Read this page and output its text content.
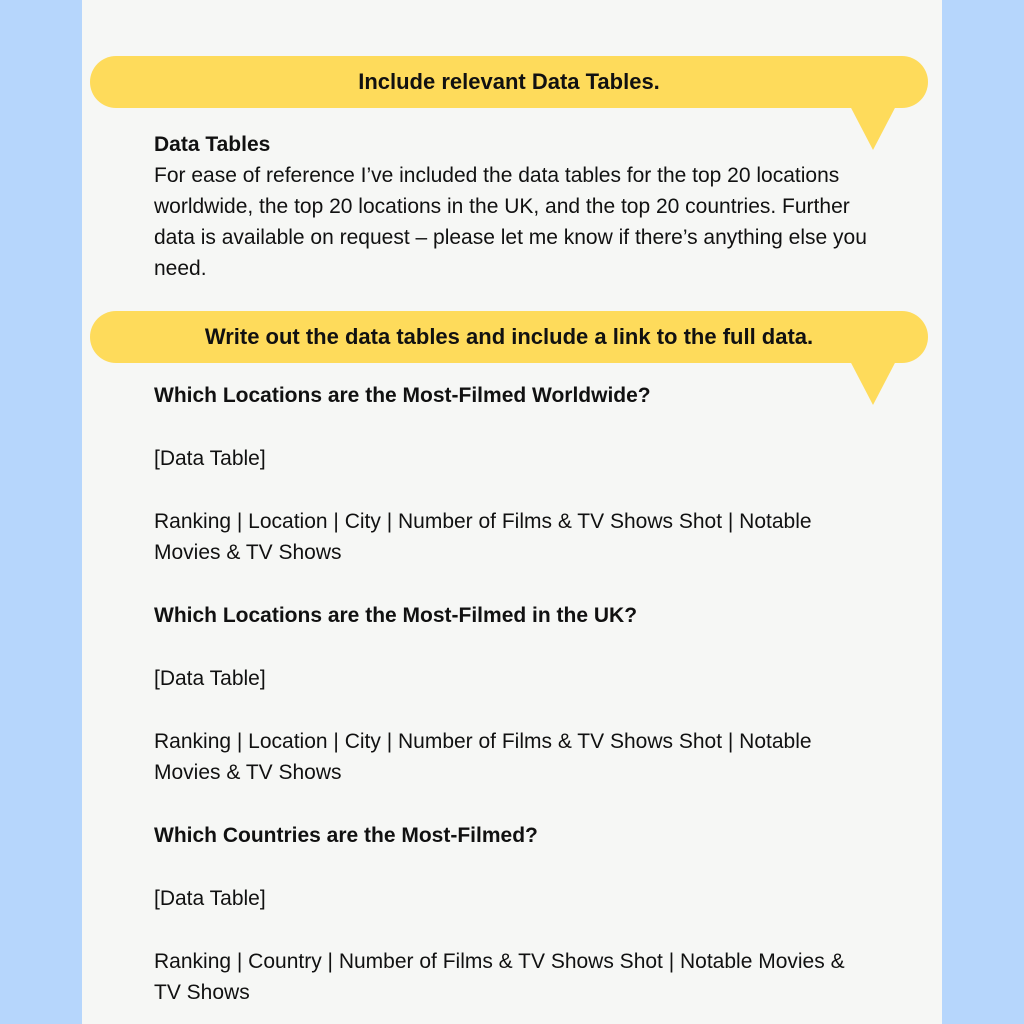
Include relevant Data Tables.

Data Tables

For ease of reference I’ve included the data tables for the top 20 locations worldwide, the top 20 locations in the UK, and the top 20 countries. Further data is available on request – please let me know if there’s anything else you need.

Write out the data tables and include a link to the full data.

Which Locations are the Most-Filmed Worldwide?

[Data Table]

Ranking | Location | City | Number of Films & TV Shows Shot | Notable Movies & TV Shows

Which Locations are the Most-Filmed in the UK?

[Data Table]

Ranking | Location | City | Number of Films & TV Shows Shot | Notable Movies & TV Shows

Which Countries are the Most-Filmed?

[Data Table]

Ranking | Country | Number of Films & TV Shows Shot | Notable Movies & TV Shows
